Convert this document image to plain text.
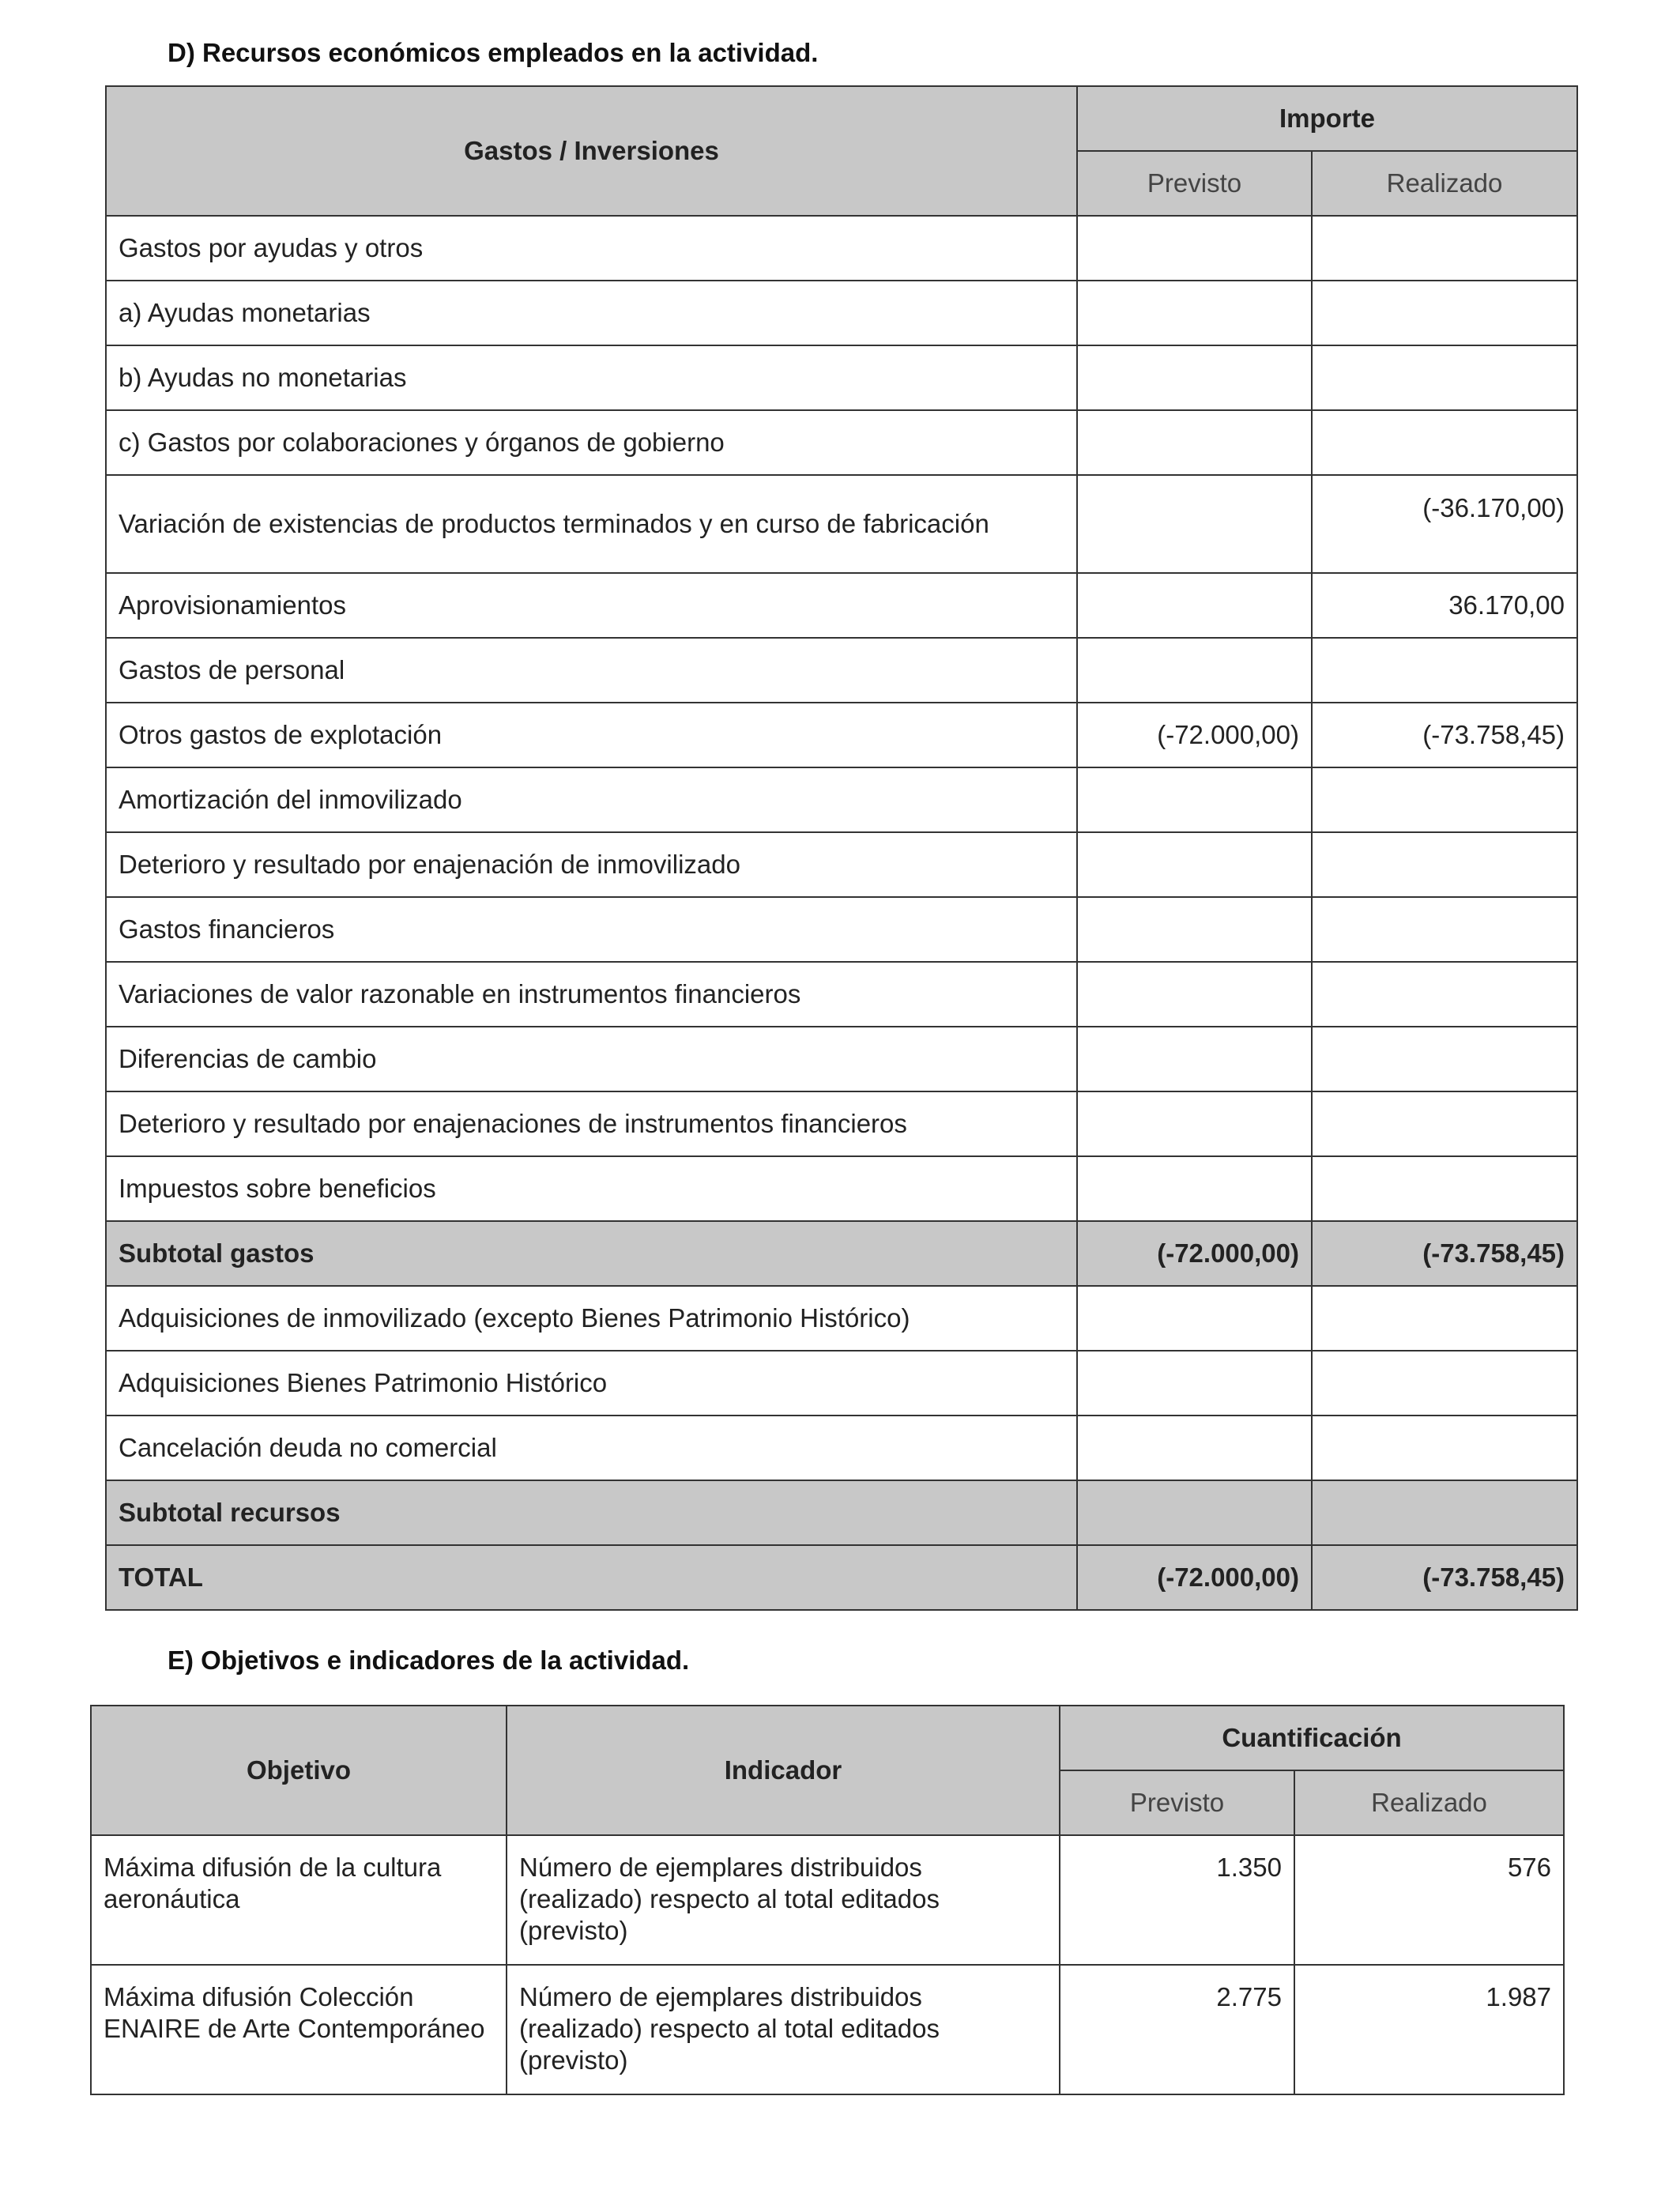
D) Recursos económicos empleados en la actividad.
Gastos / Inversiones	Importe	
	Previsto	Realizado
Gastos por ayudas y otros		
a) Ayudas monetarias		
b) Ayudas no monetarias		
c) Gastos por colaboraciones y órganos de gobierno		
Variación de existencias de productos terminados y en curso de fabricación		(-36.170,00)
Aprovisionamientos		36.170,00
Gastos de personal		
Otros gastos de explotación	(-72.000,00)	(-73.758,45)
Amortización del inmovilizado		
Deterioro y resultado por enajenación de inmovilizado		
Gastos financieros		
Variaciones de valor razonable en instrumentos financieros		
Diferencias de cambio		
Deterioro y resultado por enajenaciones de instrumentos financieros		
Impuestos sobre beneficios		
Subtotal gastos	(-72.000,00)	(-73.758,45)
Adquisiciones de inmovilizado (excepto Bienes Patrimonio Histórico)		
Adquisiciones Bienes Patrimonio Histórico		
Cancelación deuda no comercial		
Subtotal recursos		
TOTAL	(-72.000,00)	(-73.758,45)
E) Objetivos e indicadores de la actividad.
Objetivo	Indicador	Cuantificación	
		Previsto	Realizado
Máxima difusión de la cultura aeronáutica	Número de ejemplares distribuidos (realizado) respecto al total editados (previsto)	1.350	576
Máxima difusión Colección ENAIRE de Arte Contemporáneo	Número de ejemplares distribuidos (realizado) respecto al total editados (previsto)	2.775	1.987
